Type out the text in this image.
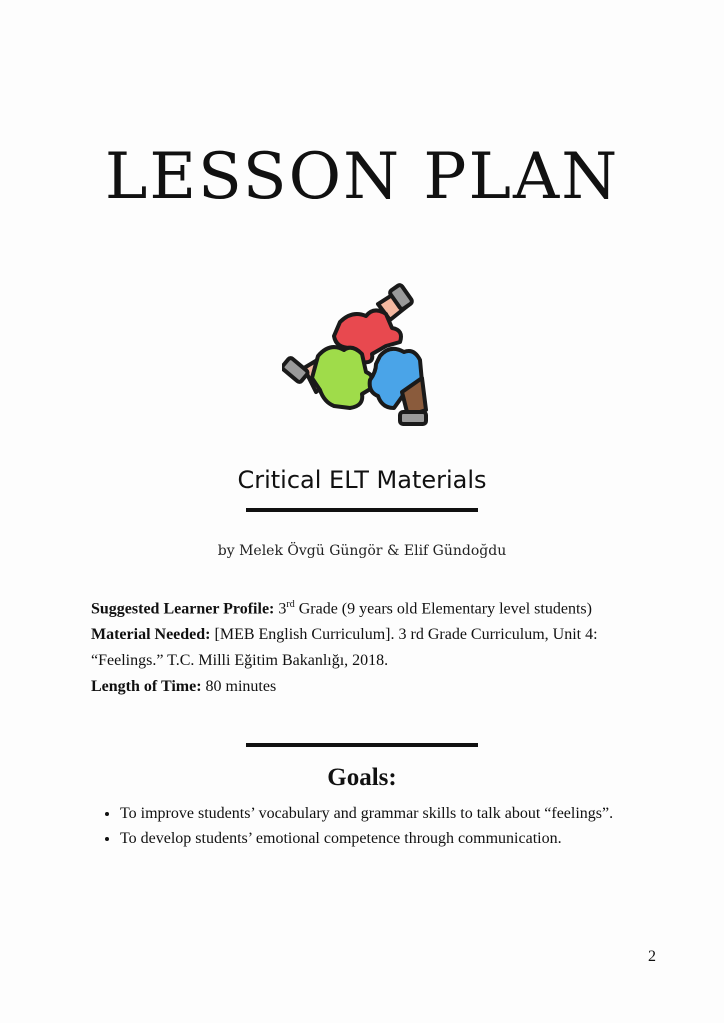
LESSON PLAN
Critical ELT Materials
by Melek Övgü Güngör & Elif Gündoğdu
Suggested Learner Profile: 3rd Grade (9 years old Elementary level students)
Material Needed: [MEB English Curriculum]. 3 rd Grade Curriculum, Unit 4: “Feelings.” T.C. Milli Eğitim Bakanlığı, 2018.
Length of Time: 80 minutes
Goals:
• To improve students’ vocabulary and grammar skills to talk about “feelings”.
• To develop students’ emotional competence through communication.
2
